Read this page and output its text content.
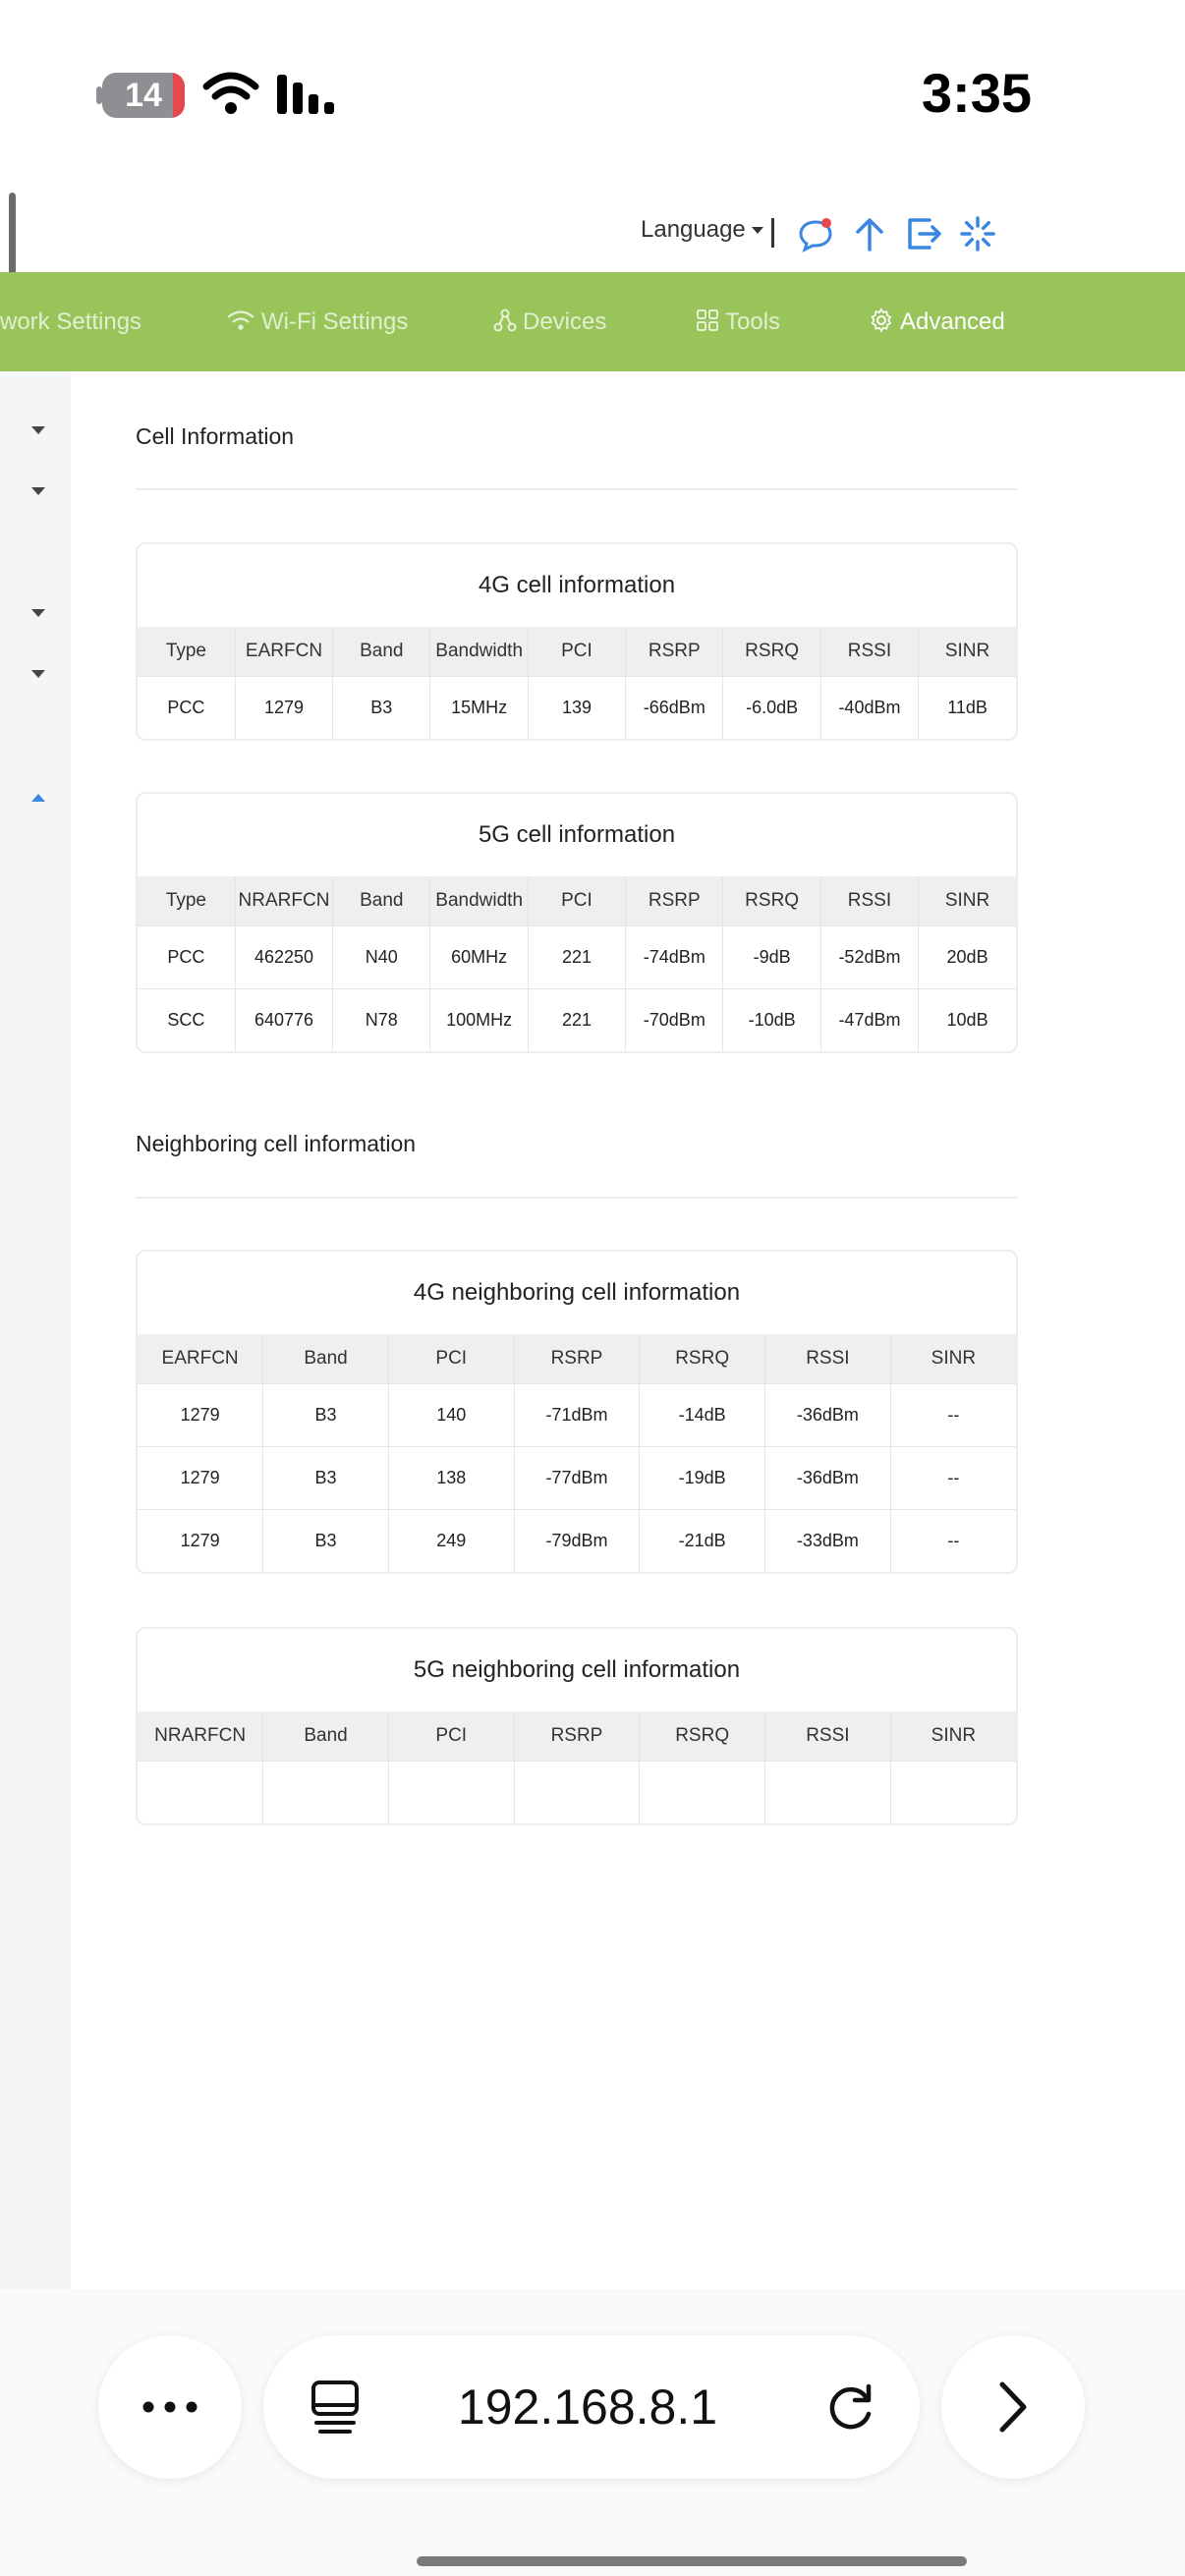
14	3:35
Language
work Settings	Wi-Fi Settings	Devices	Tools	Advanced
Cell Information
4G cell information
Type	EARFCN	Band	Bandwidth	PCI	RSRP	RSRQ	RSSI	SINR
PCC	1279	B3	15MHz	139	-66dBm	-6.0dB	-40dBm	11dB
5G cell information
Type	NRARFCN	Band	Bandwidth	PCI	RSRP	RSRQ	RSSI	SINR
PCC	462250	N40	60MHz	221	-74dBm	-9dB	-52dBm	20dB
SCC	640776	N78	100MHz	221	-70dBm	-10dB	-47dBm	10dB
Neighboring cell information
4G neighboring cell information
EARFCN	Band	PCI	RSRP	RSRQ	RSSI	SINR
1279	B3	140	-71dBm	-14dB	-36dBm	--
1279	B3	138	-77dBm	-19dB	-36dBm	--
1279	B3	249	-79dBm	-21dB	-33dBm	--
5G neighboring cell information
NRARFCN	Band	PCI	RSRP	RSRQ	RSSI	SINR

192.168.8.1
